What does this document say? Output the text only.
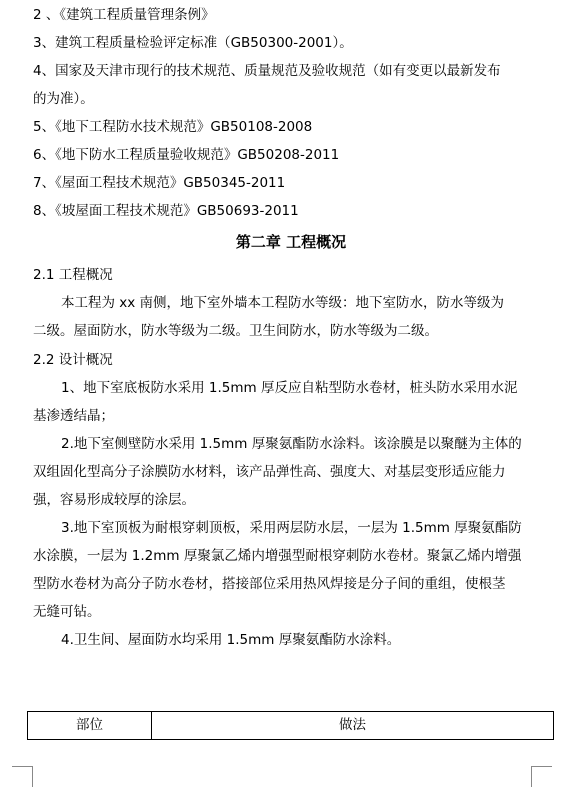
2 、《建筑工程质量管理条例》
3、建筑工程质量检验评定标准（GB50300-2001）。
4、国家及天津市现行的技术规范、质量规范及验收规范（如有变更以最新发布
的为准）。
5、《地下工程防水技术规范》GB50108-2008
6、《地下防水工程质量验收规范》GB50208-2011
7、《屋面工程技术规范》GB50345-2011
8、《坡屋面工程技术规范》GB50693-2011
第二章 工程概况
2.1 工程概况
本工程为 xx 南侧，地下室外墙本工程防水等级：地下室防水，防水等级为
二级。屋面防水，防水等级为二级。卫生间防水，防水等级为二级。
2.2 设计概况
1、地下室底板防水采用 1.5mm 厚反应自粘型防水卷材，桩头防水采用水泥
基渗透结晶；
2.地下室侧壁防水采用 1.5mm 厚聚氨酯防水涂料。该涂膜是以聚醚为主体的
双组固化型高分子涂膜防水材料，该产品弹性高、强度大、对基层变形适应能力
强，容易形成较厚的涂层。
3.地下室顶板为耐根穿刺顶板，采用两层防水层，一层为 1.5mm 厚聚氨酯防
水涂膜，一层为 1.2mm 厚聚氯乙烯内增强型耐根穿刺防水卷材。聚氯乙烯内增强
型防水卷材为高分子防水卷材，搭接部位采用热风焊接是分子间的重组，使根茎
无缝可钻。
4.卫生间、屋面防水均采用 1.5mm 厚聚氨酯防水涂料。
部位	做法
